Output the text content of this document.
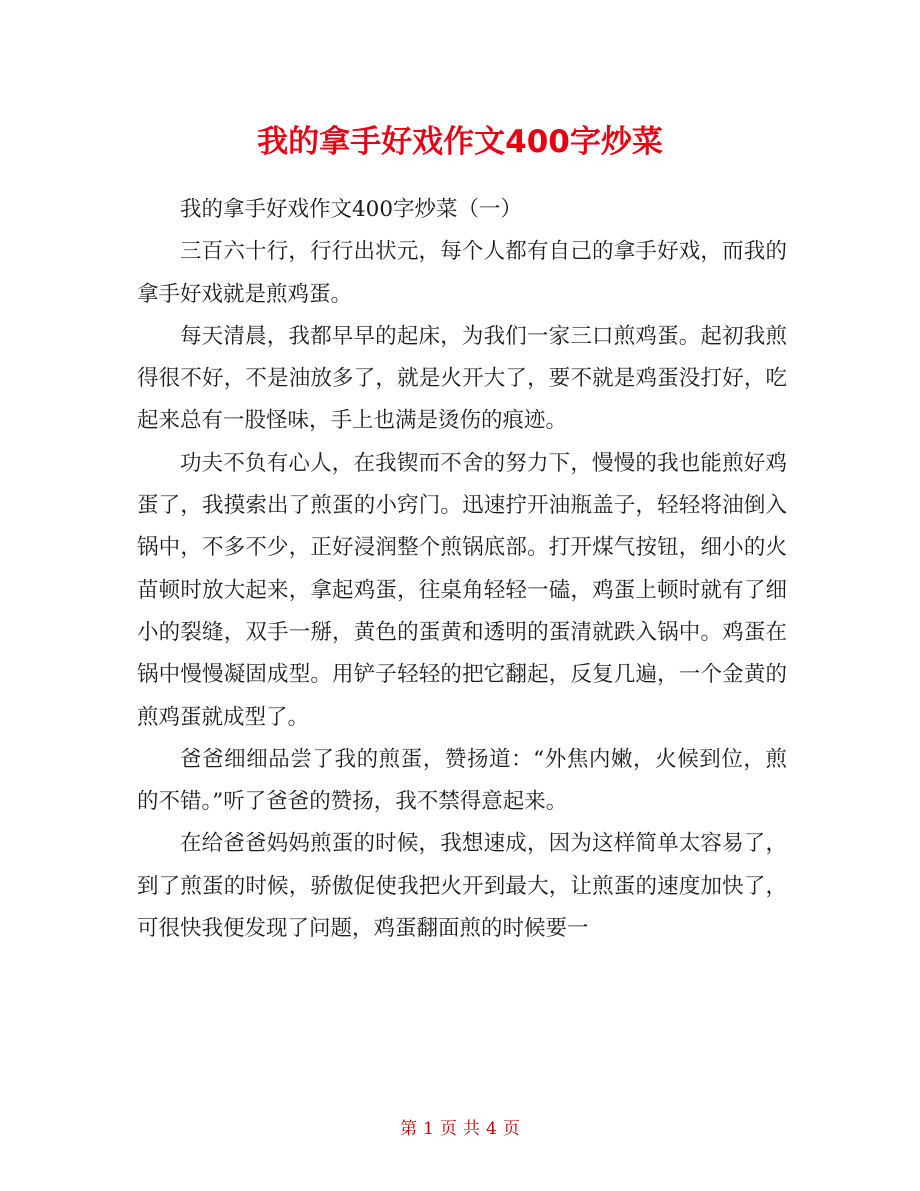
我的拿手好戏作文400字炒菜

我的拿手好戏作文400字炒菜（一）

三百六十行，行行出状元，每个人都有自己的拿手好戏，而我的拿手好戏就是煎鸡蛋。

每天清晨，我都早早的起床，为我们一家三口煎鸡蛋。起初我煎得很不好，不是油放多了，就是火开大了，要不就是鸡蛋没打好，吃起来总有一股怪味，手上也满是烫伤的痕迹。

功夫不负有心人，在我锲而不舍的努力下，慢慢的我也能煎好鸡蛋了，我摸索出了煎蛋的小窍门。迅速拧开油瓶盖子，轻轻将油倒入锅中，不多不少，正好浸润整个煎锅底部。打开煤气按钮，细小的火苗顿时放大起来，拿起鸡蛋，往桌角轻轻一磕，鸡蛋上顿时就有了细小的裂缝，双手一掰，黄色的蛋黄和透明的蛋清就跌入锅中。鸡蛋在锅中慢慢凝固成型。用铲子轻轻的把它翻起，反复几遍，一个金黄的煎鸡蛋就成型了。

爸爸细细品尝了我的煎蛋，赞扬道：“外焦内嫩，火候到位，煎的不错。”听了爸爸的赞扬，我不禁得意起来。

在给爸爸妈妈煎蛋的时候，我想速成，因为这样简单太容易了，到了煎蛋的时候，骄傲促使我把火开到最大，让煎蛋的速度加快了，可很快我便发现了问题，鸡蛋翻面煎的时候要一

第 1 页 共 4 页
